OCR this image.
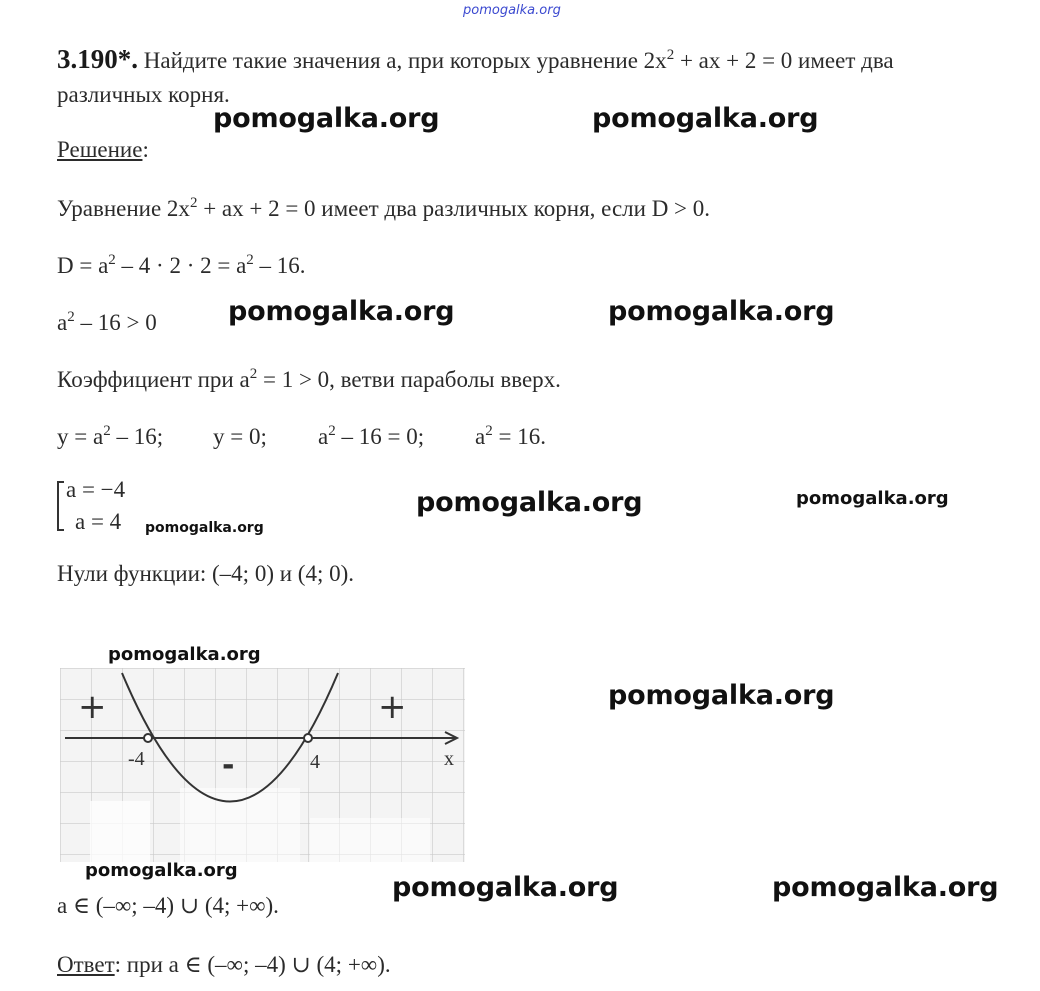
pomogalka.org
3.190*. Найдите такие значения a, при которых уравнение $2x^2$ + ax + 2 = 0 имеет два
различных корня.
pomogalka.org	pomogalka.org
Решение:
Уравнение $2x^2$ + ax + 2 = 0 имеет два различных корня, если D > 0.
$D = a^2 - 4 \cdot 2 \cdot 2 = a^2 - 16$.
$a^2 - 16 > 0$	pomogalka.org	pomogalka.org
Коэффициент при $a^2 = 1 > 0$, ветви параболы вверх.
$y = a^2 - 16$; y = 0; $a^2 - 16 = 0$; $a^2 = 16$.
a = −4
a = 4 pomogalka.org
pomogalka.org	pomogalka.org
Нули функции: (–4; 0) и (4; 0).
pomogalka.org
+	+
-
-4	4	x
pomogalka.org
pomogalka.org
a ∈ (–∞; –4) ∪ (4; +∞).
pomogalka.org	pomogalka.org
Ответ: при a ∈ (–∞; –4) ∪ (4; +∞).
